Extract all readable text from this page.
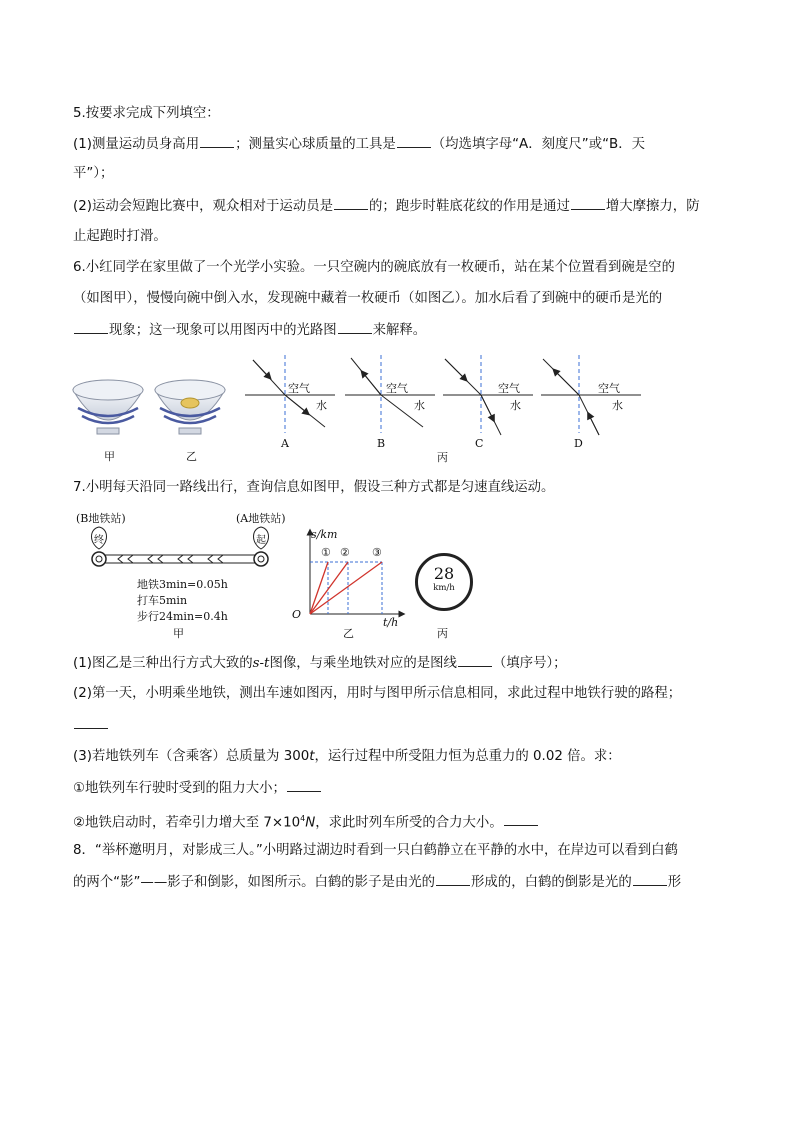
5.按要求完成下列填空：
(1)测量运动员身高用	；测量实心球质量的工具是	（均选填字母“A．刻度尺”或“B．天
平”）；
(2)运动会短跑比赛中，观众相对于运动员是	的；跑步时鞋底花纹的作用是通过	增大摩擦力，防
止起跑时打滑。
6.小红同学在家里做了一个光学小实验。一只空碗内的碗底放有一枚硬币，站在某个位置看到碗是空的
（如图甲），慢慢向碗中倒入水，发现碗中藏着一枚硬币（如图乙）。加水后看了到碗中的硬币是光的
现象；这一现象可以用图丙中的光路图	来解释。
甲	乙
空气
水
空气
水
空气
水
空气
水
A	B	C	D
丙
7.小明每天沿同一路线出行，查询信息如图甲，假设三种方式都是匀速直线运动。
(B地铁站)	(A地铁站)
终	起
地铁3min=0.05h
打车5min
步行24min=0.4h
甲
s/km
O
t/h
① ② ③
乙
28
km/h
丙
(1)图乙是三种出行方式大致的s-t图像，与乘坐地铁对应的是图线	（填序号）；
(2)第一天，小明乘坐地铁，测出车速如图丙，用时与图甲所示信息相同，求此过程中地铁行驶的路程；
(3)若地铁列车（含乘客）总质量为 300t，运行过程中所受阻力恒为总重力的 0.02 倍。求：
①地铁列车行驶时受到的阻力大小；
②地铁启动时，若牵引力增大至 $7\times 10^4N$，求此时列车所受的合力大小。
8．“举杯邀明月，对影成三人。”小明路过湖边时看到一只白鹤静立在平静的水中，在岸边可以看到白鹤
的两个“影”——影子和倒影，如图所示。白鹤的影子是由光的	形成的，白鹤的倒影是光的	形
